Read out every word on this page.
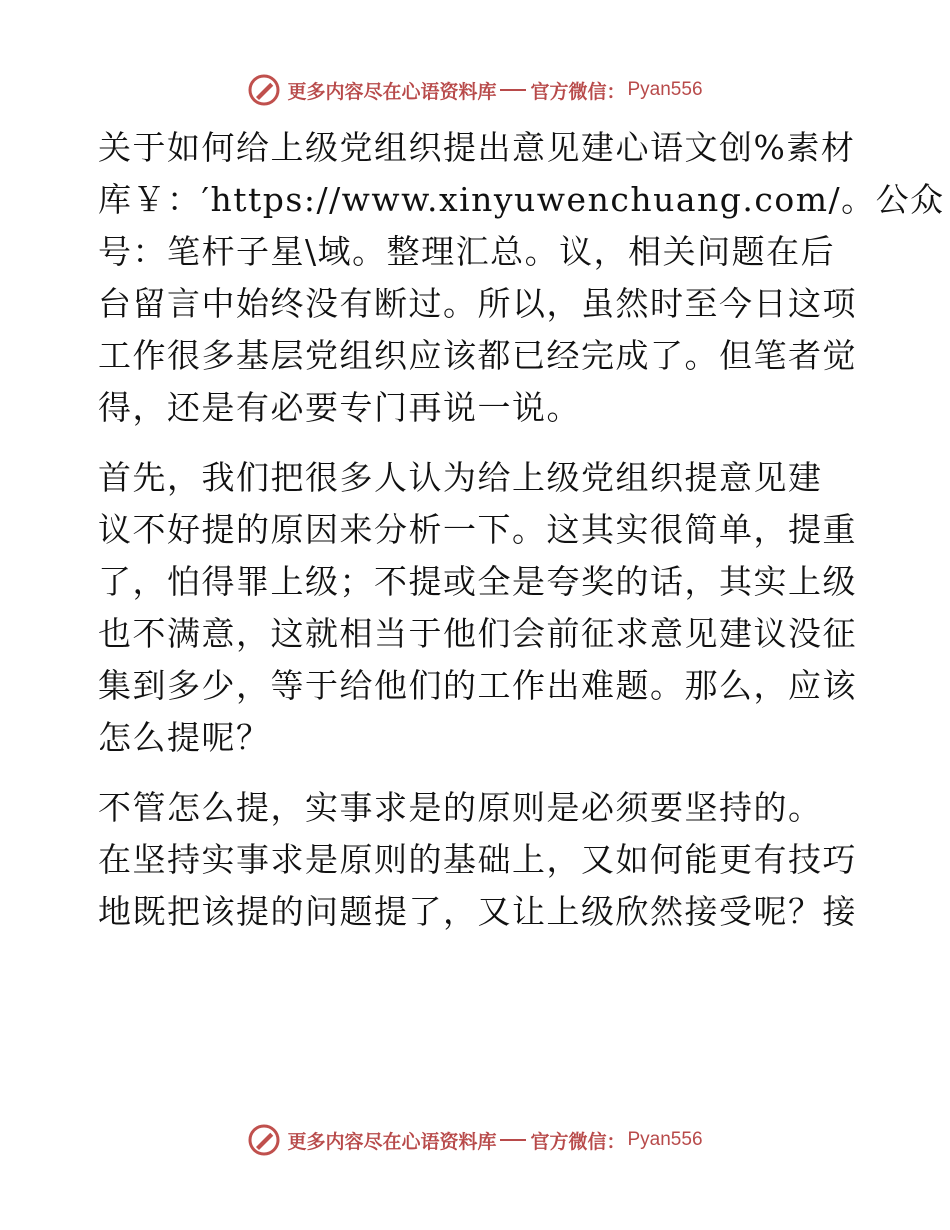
更多内容尽在心语资料库 官方微信： Pyan556
关于如何给上级党组织提出意见建心语文创%素材
库￥：′https://www.xinyuwenchuang.com/。公众
号：笔杆子星\域。整理汇总。议，相关问题在后
台留言中始终没有断过。所以，虽然时至今日这项
工作很多基层党组织应该都已经完成了。但笔者觉
得，还是有必要专门再说一说。
首先，我们把很多人认为给上级党组织提意见建
议不好提的原因来分析一下。这其实很简单，提重
了，怕得罪上级；不提或全是夸奖的话，其实上级
也不满意，这就相当于他们会前征求意见建议没征
集到多少，等于给他们的工作出难题。那么，应该
怎么提呢？
不管怎么提，实事求是的原则是必须要坚持的。
在坚持实事求是原则的基础上，又如何能更有技巧
地既把该提的问题提了，又让上级欣然接受呢？接
更多内容尽在心语资料库 官方微信： Pyan556
